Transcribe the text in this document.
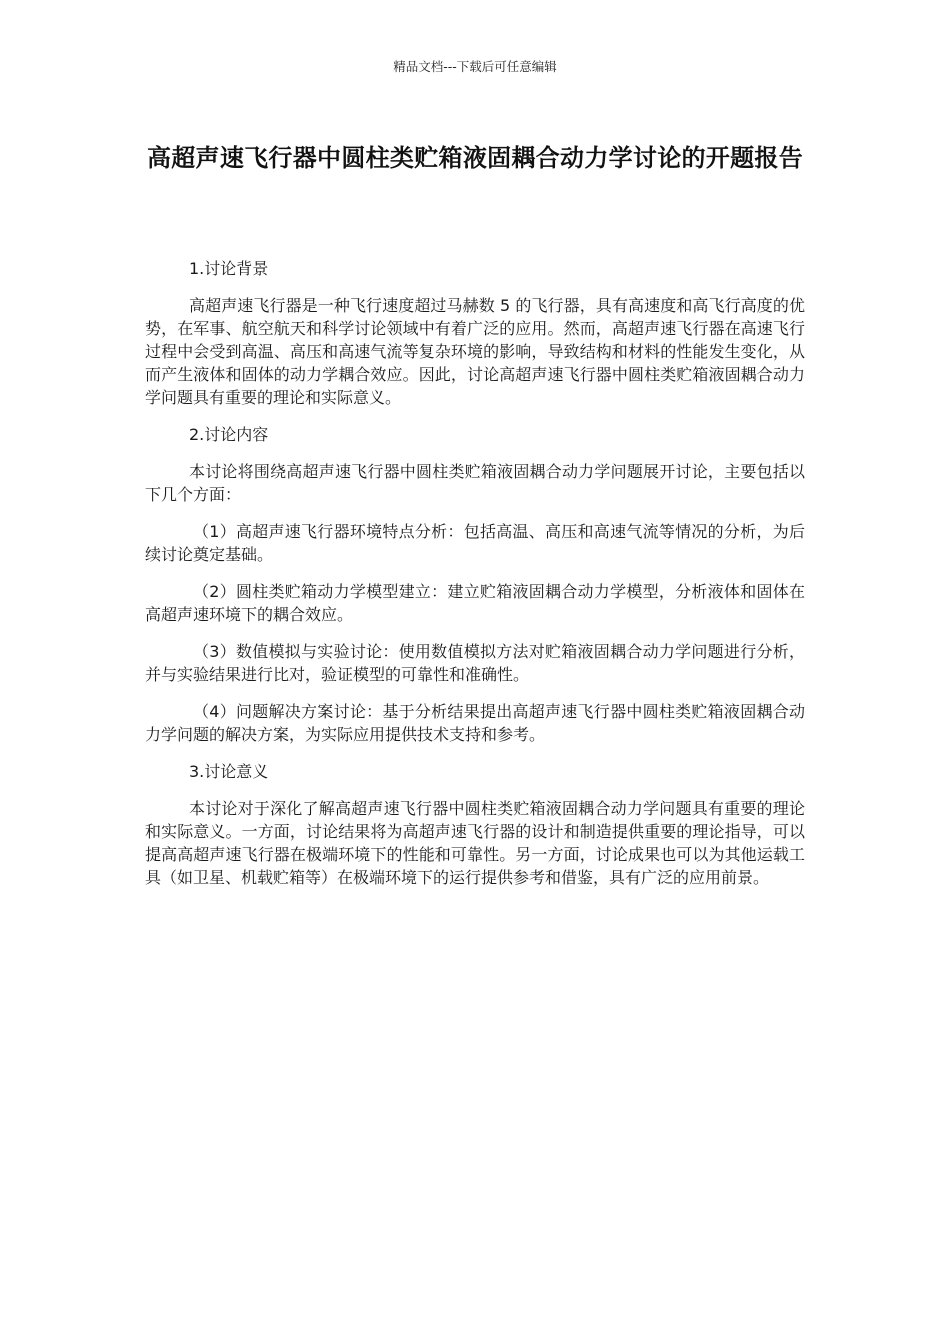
精品文档---下载后可任意编辑
高超声速飞行器中圆柱类贮箱液固耦合动力学讨论的开题报告

1.讨论背景

高超声速飞行器是一种飞行速度超过马赫数 5 的飞行器，具有高速度和高飞行高度的优势，在军事、航空航天和科学讨论领域中有着广泛的应用。然而，高超声速飞行器在高速飞行过程中会受到高温、高压和高速气流等复杂环境的影响，导致结构和材料的性能发生变化，从而产生液体和固体的动力学耦合效应。因此，讨论高超声速飞行器中圆柱类贮箱液固耦合动力学问题具有重要的理论和实际意义。

2.讨论内容

本讨论将围绕高超声速飞行器中圆柱类贮箱液固耦合动力学问题展开讨论，主要包括以下几个方面：

（1）高超声速飞行器环境特点分析：包括高温、高压和高速气流等情况的分析，为后续讨论奠定基础。

（2）圆柱类贮箱动力学模型建立：建立贮箱液固耦合动力学模型，分析液体和固体在高超声速环境下的耦合效应。

（3）数值模拟与实验讨论：使用数值模拟方法对贮箱液固耦合动力学问题进行分析，并与实验结果进行比对，验证模型的可靠性和准确性。

（4）问题解决方案讨论：基于分析结果提出高超声速飞行器中圆柱类贮箱液固耦合动力学问题的解决方案，为实际应用提供技术支持和参考。

3.讨论意义

本讨论对于深化了解高超声速飞行器中圆柱类贮箱液固耦合动力学问题具有重要的理论和实际意义。一方面，讨论结果将为高超声速飞行器的设计和制造提供重要的理论指导，可以提高高超声速飞行器在极端环境下的性能和可靠性。另一方面，讨论成果也可以为其他运载工具（如卫星、机载贮箱等）在极端环境下的运行提供参考和借鉴，具有广泛的应用前景。
